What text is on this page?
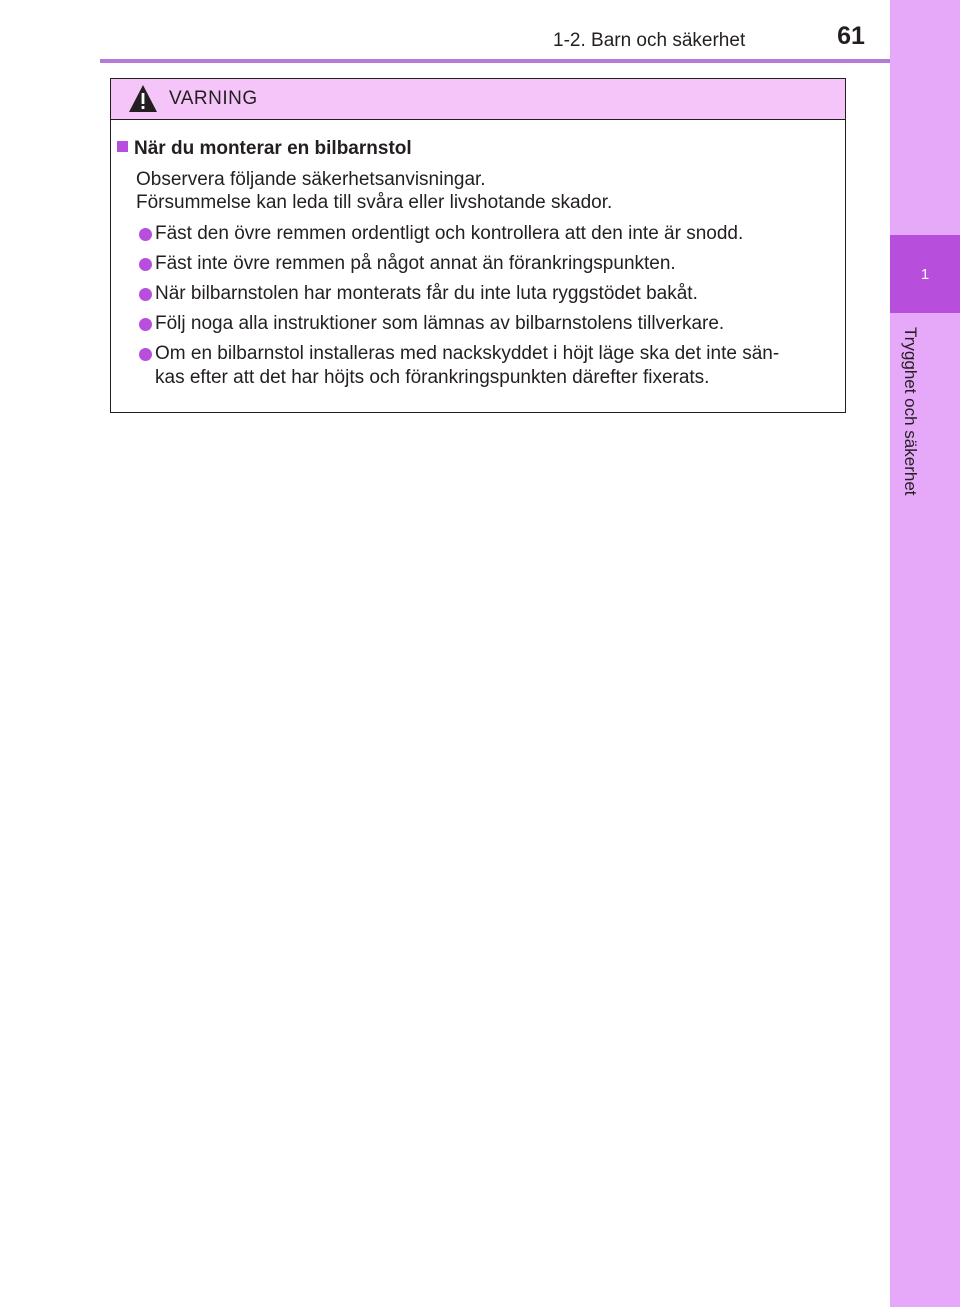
1
Trygghet och säkerhet
1-2. Barn och säkerhet	61
VARNING
När du monterar en bilbarnstol
Observera följande säkerhetsanvisningar.
Försummelse kan leda till svåra eller livshotande skador.
Fäst den övre remmen ordentligt och kontrollera att den inte är snodd.
Fäst inte övre remmen på något annat än förankringspunkten.
När bilbarnstolen har monterats får du inte luta ryggstödet bakåt.
Följ noga alla instruktioner som lämnas av bilbarnstolens tillverkare.
Om en bilbarnstol installeras med nackskyddet i höjt läge ska det inte sän-
kas efter att det har höjts och förankringspunkten därefter fixerats.
